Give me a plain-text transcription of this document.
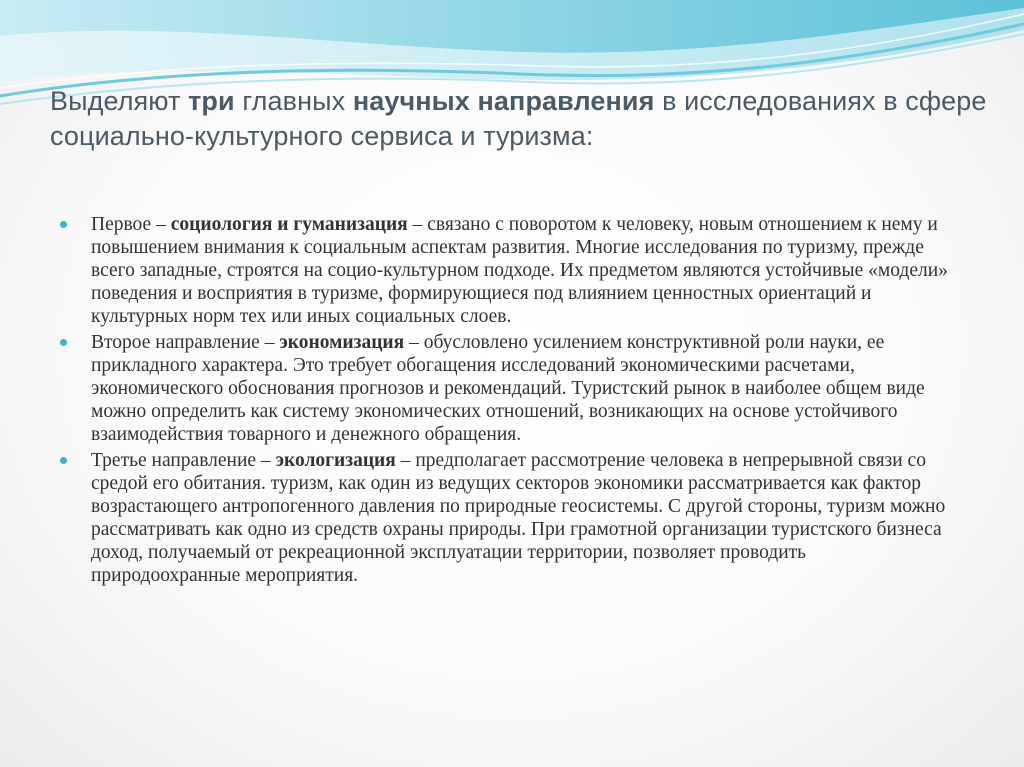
Выделяют три главных научных направления в исследованиях в сфере социально-культурного сервиса и туризма:
Первое – социология и гуманизация – связано с поворотом к человеку, новым отношением к нему и повышением внимания к социальным аспектам развития. Многие исследования по туризму, прежде всего западные, строятся на социо-культурном подходе. Их предметом являются устойчивые «модели» поведения и восприятия в туризме, формирующиеся под влиянием ценностных ориентаций и культурных норм тех или иных социальных слоев.
Второе направление – экономизация – обусловлено усилением конструктивной роли науки, ее прикладного характера. Это требует обогащения исследований экономическими расчетами, экономического обоснования прогнозов и рекомендаций. Туристский рынок в наиболее общем виде можно определить как систему экономических отношений, возникающих на основе устойчивого взаимодействия товарного и денежного обращения.
Третье направление – экологизация – предполагает рассмотрение человека в непрерывной связи со средой его обитания. туризм, как один из ведущих секторов экономики рассматривается как фактор возрастающего антропогенного давления по природные геосистемы. С другой стороны, туризм можно рассматривать как одно из средств охраны природы. При грамотной организации туристского бизнеса доход, получаемый от рекреационной эксплуатации территории, позволяет проводить природоохранные мероприятия.
